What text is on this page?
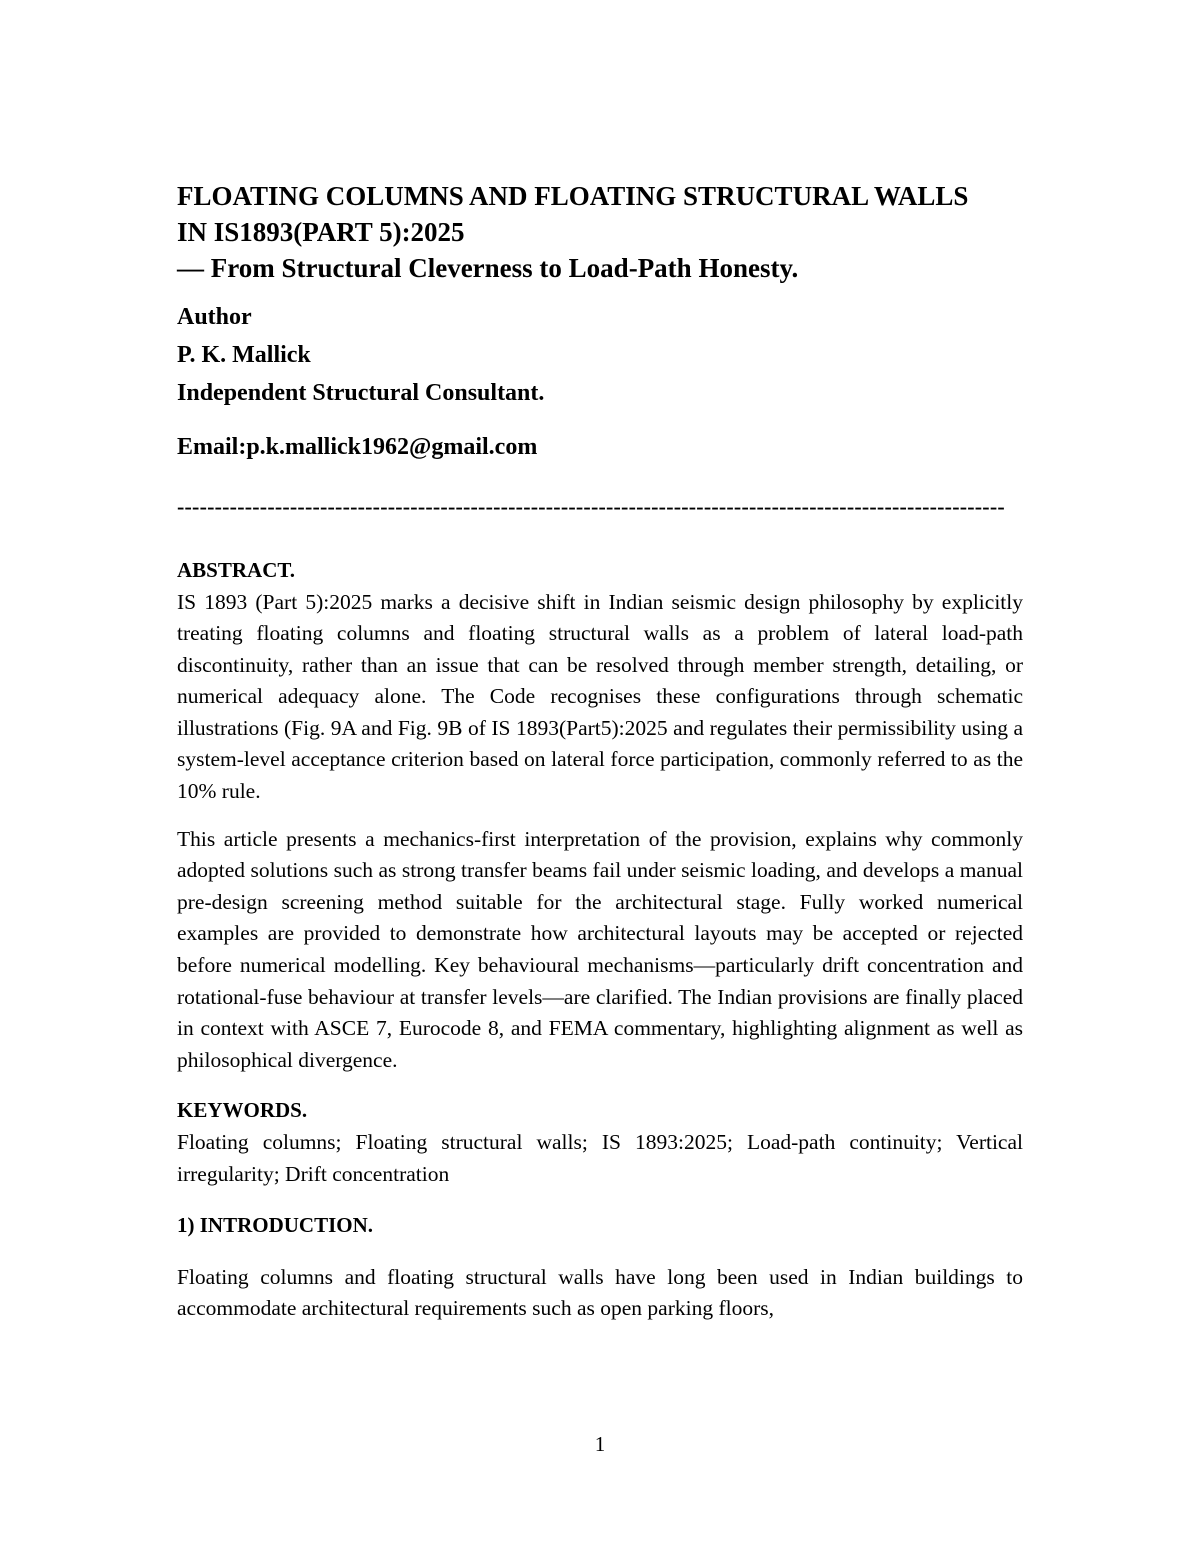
FLOATING COLUMNS AND FLOATING STRUCTURAL WALLS
IN IS1893(PART 5):2025
— From Structural Cleverness to Load-Path Honesty.
Author
P. K. Mallick
Independent Structural Consultant.
Email:p.k.mallick1962@gmail.com
--------------------------------------------------------------------------------------------------------------
ABSTRACT.

IS 1893 (Part 5):2025 marks a decisive shift in Indian seismic design philosophy by explicitly treating floating columns and floating structural walls as a problem of lateral load-path discontinuity, rather than an issue that can be resolved through member strength, detailing, or numerical adequacy alone. The Code recognises these configurations through schematic illustrations (Fig. 9A and Fig. 9B of IS 1893(Part5):2025 and regulates their permissibility using a system-level acceptance criterion based on lateral force participation, commonly referred to as the 10% rule.

This article presents a mechanics-first interpretation of the provision, explains why commonly adopted solutions such as strong transfer beams fail under seismic loading, and develops a manual pre-design screening method suitable for the architectural stage. Fully worked numerical examples are provided to demonstrate how architectural layouts may be accepted or rejected before numerical modelling. Key behavioural mechanisms—particularly drift concentration and rotational-fuse behaviour at transfer levels—are clarified. The Indian provisions are finally placed in context with ASCE 7, Eurocode 8, and FEMA commentary, highlighting alignment as well as philosophical divergence.

KEYWORDS.

Floating columns; Floating structural walls; IS 1893:2025; Load-path continuity; Vertical irregularity; Drift concentration

1) INTRODUCTION.

Floating columns and floating structural walls have long been used in Indian buildings to accommodate architectural requirements such as open parking floors,

1
